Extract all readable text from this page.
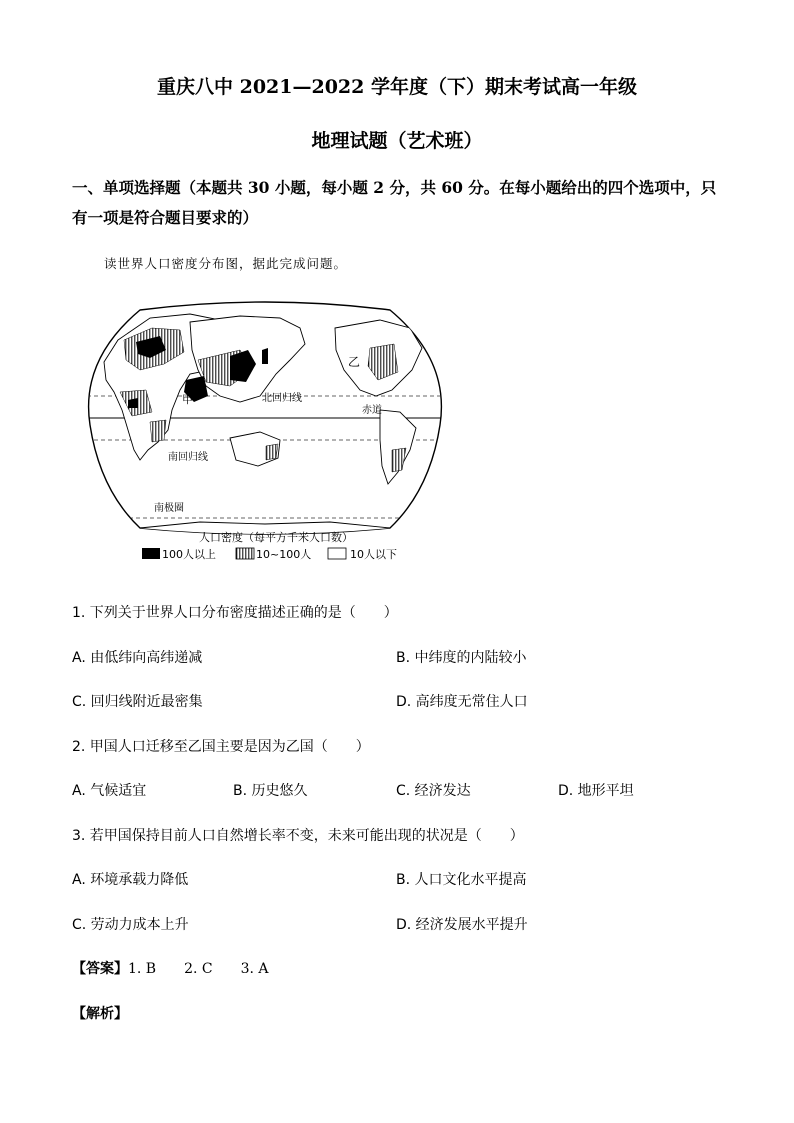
重庆八中 2021—2022 学年度（下）期末考试高一年级
地理试题（艺术班）
一、单项选择题（本题共 30 小题，每小题 2 分，共 60 分。在每小题给出的四个选项中，只
有一项是符合题目要求的）
读世界人口密度分布图，据此完成问题。
甲
乙
北回归线
赤道
南回归线
南极圈
人口密度（每平方千米人口数）
100人以上	10~100人	10人以下
1. 下列关于世界人口分布密度描述正确的是（　　）
A. 由低纬向高纬递减	B. 中纬度的内陆较小
C. 回归线附近最密集	D. 高纬度无常住人口
2. 甲国人口迁移至乙国主要是因为乙国（　　）
A. 气候适宜	B. 历史悠久	C. 经济发达	D. 地形平坦
3. 若甲国保持目前人口自然增长率不变，未来可能出现的状况是（　　）
A. 环境承载力降低	B. 人口文化水平提高
C. 劳动力成本上升	D. 经济发展水平提升
【答案】1. B　　2. C　　3. A
【解析】
